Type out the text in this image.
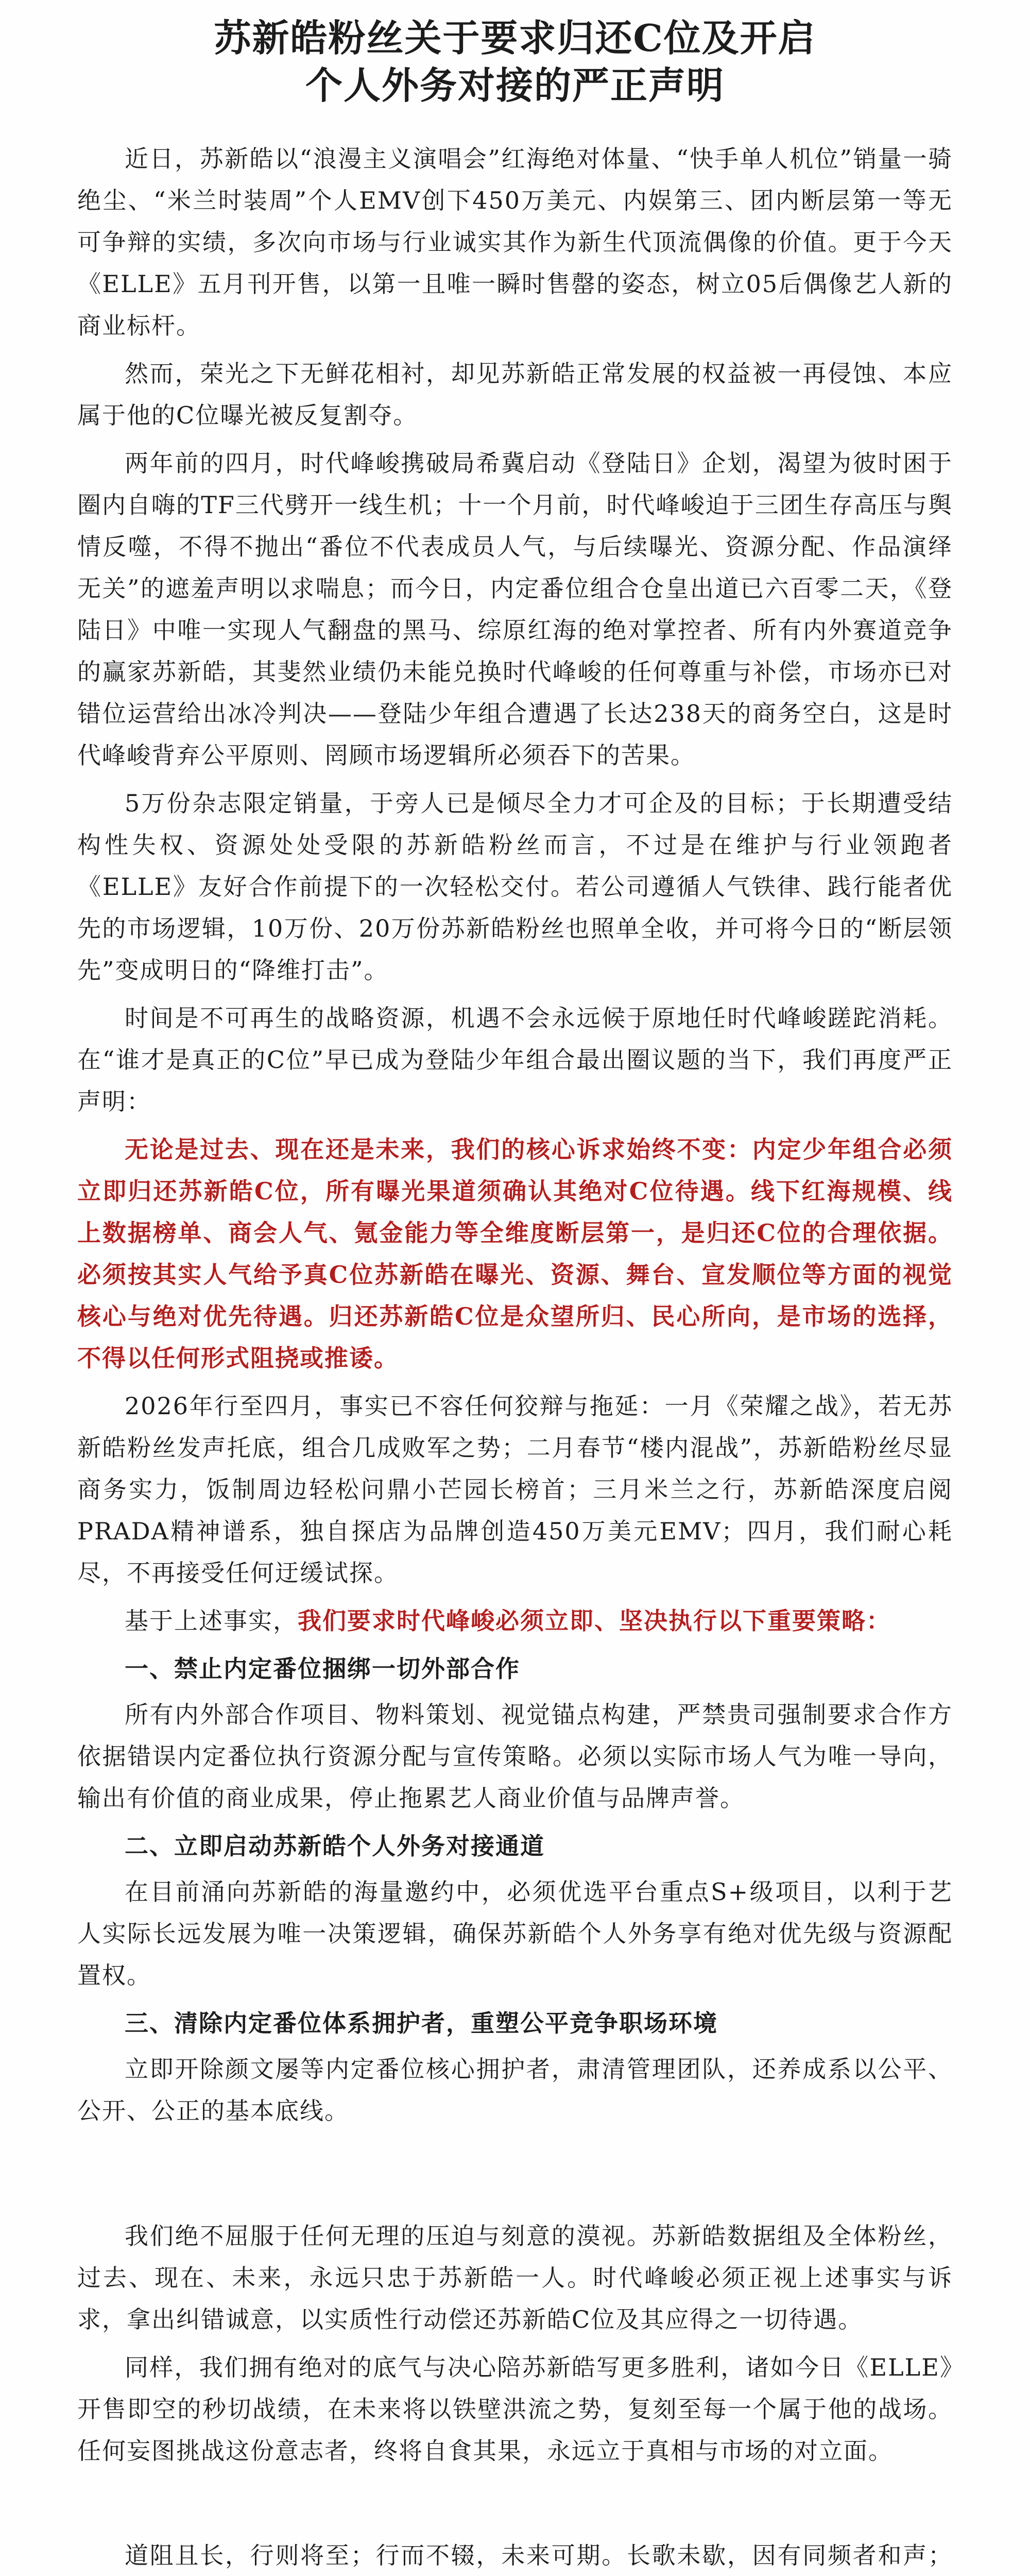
苏新皓粉丝关于要求归还C位及开启
个人外务对接的严正声明

近日，苏新皓以“浪漫主义演唱会”红海绝对体量、“快手单人机位”销量一骑绝尘、“米兰时装周”个人EMV创下450万美元、内娱第三、团内断层第一等无可争辩的实绩，多次向市场与行业诚实其作为新生代顶流偶像的价值。更于今天《ELLE》五月刊开售，以第一且唯一瞬时售罄的姿态，树立05后偶像艺人新的商业标杆。

然而，荣光之下无鲜花相衬，却见苏新皓正常发展的权益被一再侵蚀、本应属于他的C位曝光被反复割夺。

两年前的四月，时代峰峻携破局希冀启动《登陆日》企划，渴望为彼时困于圈内自嗨的TF三代劈开一线生机；十一个月前，时代峰峻迫于三团生存高压与舆情反噬，不得不抛出“番位不代表成员人气，与后续曝光、资源分配、作品演绎无关”的遮羞声明以求喘息；而今日，内定番位组合仓皇出道已六百零二天，《登陆日》中唯一实现人气翻盘的黑马、综原红海的绝对掌控者、所有内外赛道竞争的赢家苏新皓，其斐然业绩仍未能兑换时代峰峻的任何尊重与补偿，市场亦已对错位运营给出冰冷判决——登陆少年组合遭遇了长达238天的商务空白，这是时代峰峻背弃公平原则、罔顾市场逻辑所必须吞下的苦果。

5万份杂志限定销量，于旁人已是倾尽全力才可企及的目标；于长期遭受结构性失权、资源处处受限的苏新皓粉丝而言，不过是在维护与行业领跑者《ELLE》友好合作前提下的一次轻松交付。若公司遵循人气铁律、践行能者优先的市场逻辑，10万份、20万份苏新皓粉丝也照单全收，并可将今日的“断层领先”变成明日的“降维打击”。

时间是不可再生的战略资源，机遇不会永远候于原地任时代峰峻蹉跎消耗。在“谁才是真正的C位”早已成为登陆少年组合最出圈议题的当下，我们再度严正声明：

无论是过去、现在还是未来，我们的核心诉求始终不变：内定少年组合必须立即归还苏新皓C位，所有曝光果道须确认其绝对C位待遇。线下红海规模、线上数据榜单、商会人气、氪金能力等全维度断层第一，是归还C位的合理依据。必须按其实人气给予真C位苏新皓在曝光、资源、舞台、宣发顺位等方面的视觉核心与绝对优先待遇。归还苏新皓C位是众望所归、民心所向，是市场的选择，不得以任何形式阻挠或推诿。

2026年行至四月，事实已不容任何狡辩与拖延：一月《荣耀之战》，若无苏新皓粉丝发声托底，组合几成败军之势；二月春节“楼内混战”，苏新皓粉丝尽显商务实力，饭制周边轻松问鼎小芒园长榜首；三月米兰之行，苏新皓深度启阅PRADA精神谱系，独自探店为品牌创造450万美元EMV；四月，我们耐心耗尽，不再接受任何迂缓试探。

基于上述事实，我们要求时代峰峻必须立即、坚决执行以下重要策略：

一、禁止内定番位捆绑一切外部合作

所有内外部合作项目、物料策划、视觉锚点构建，严禁贵司强制要求合作方依据错误内定番位执行资源分配与宣传策略。必须以实际市场人气为唯一导向，输出有价值的商业成果，停止拖累艺人商业价值与品牌声誉。

二、立即启动苏新皓个人外务对接通道

在目前涌向苏新皓的海量邀约中，必须优选平台重点S+级项目，以利于艺人实际长远发展为唯一决策逻辑，确保苏新皓个人外务享有绝对优先级与资源配置权。

三、清除内定番位体系拥护者，重塑公平竞争职场环境

立即开除颜文屡等内定番位核心拥护者，肃清管理团队，还养成系以公平、公开、公正的基本底线。

我们绝不屈服于任何无理的压迫与刻意的漠视。苏新皓数据组及全体粉丝，过去、现在、未来，永远只忠于苏新皓一人。时代峰峻必须正视上述事实与诉求，拿出纠错诚意，以实质性行动偿还苏新皓C位及其应得之一切待遇。

同样，我们拥有绝对的底气与决心陪苏新皓写更多胜利，诸如今日《ELLE》开售即空的秒切战绩，在未来将以铁壁洪流之势，复刻至每一个属于他的战场。任何妄图挑战这份意志者，终将自食其果，永远立于真相与市场的对立面。

道阻且长，行则将至；行而不辍，未来可期。长歌未歇，因有同频者和声；
